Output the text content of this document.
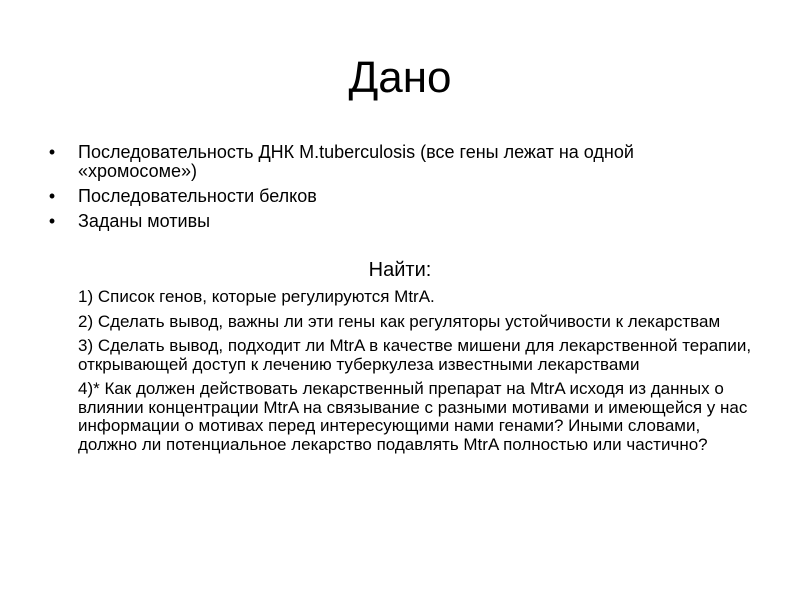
Дано
• Последовательность ДНК M.tuberculosis (все гены лежат на одной «хромосоме»)
• Последовательности белков
• Заданы мотивы
Найти:
1) Список генов, которые регулируются MtrA.
2) Сделать вывод, важны ли эти гены как регуляторы устойчивости к лекарствам
3) Сделать вывод, подходит ли MtrA в качестве мишени для лекарственной терапии, открывающей доступ к лечению туберкулеза известными лекарствами
4)* Как должен действовать лекарственный препарат на MtrA исходя из данных о влиянии концентрации MtrA на связывание с разными мотивами и имеющейся у нас информации о мотивах перед интересующими нами генами? Иными словами, должно ли потенциальное лекарство подавлять MtrA полностью или частично?
